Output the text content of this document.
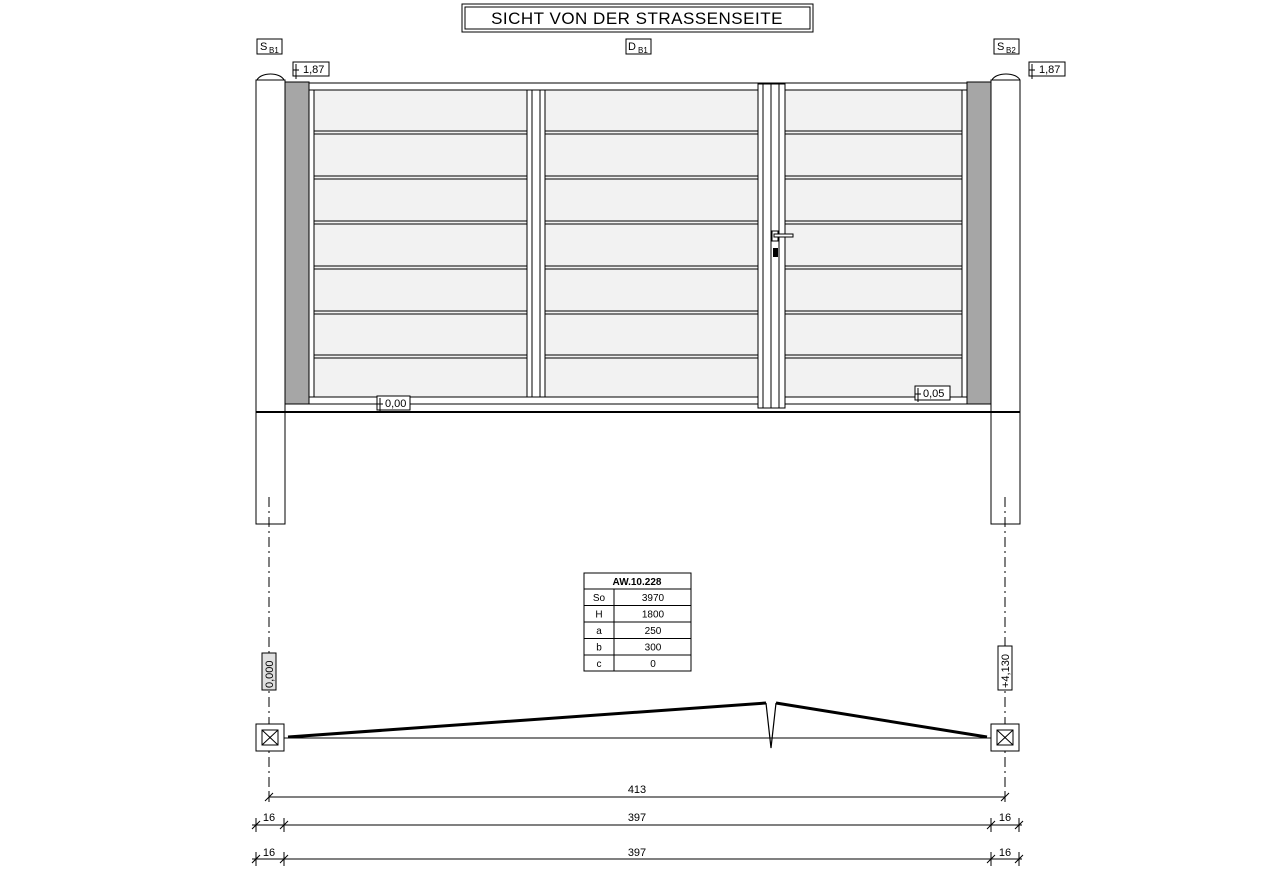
SICHT VON DER STRASSENSEITE
S B1	D B1	S B2
1,87	1,87
0,00
0,05
0,000	+4,130
AW.10.228
So	3970
H	1800
a	250
b	300
c	0
413
16	397	16
16	397	16
